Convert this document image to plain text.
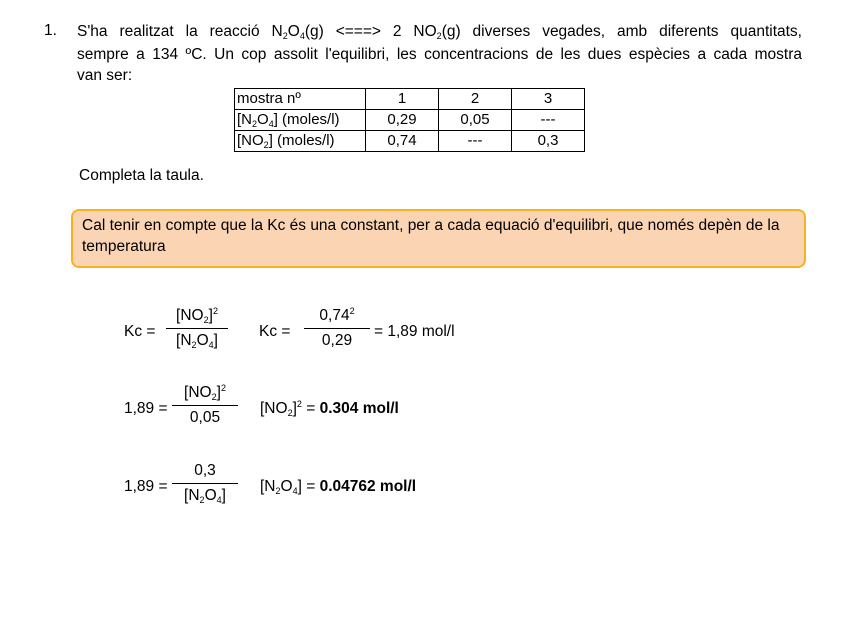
1. S'ha realitzat la reacció $N_2O_4(g)$ <===> 2 $NO_2(g)$ diverses vegades, amb diferents quantitats,
sempre a 134 ºC. Un cop assolit l'equilibri, les concentracions de les dues espècies a cada mostra
van ser:
mostra nº	1	2	3
$[N_2O_4]$ (moles/l)	0,29	0,05	---
$[NO_2]$ (moles/l)	0,74	---	0,3
Completa la taula.
Cal tenir en compte que la Kc és una constant, per a cada equació d'equilibri, que només depèn de la temperatura
Kc =
$[NO_2]^2$
$[N_2O_4]$
Kc =
$0,74^2$
0,29
= 1,89 mol/l
1,89 =
$[NO_2]^2$
0,05
$[NO_2]^2 = 0.304$ mol/l
1,89 =
0,3
$[N_2O_4]$
$[N_2O_4] = 0.04762$ mol/l
